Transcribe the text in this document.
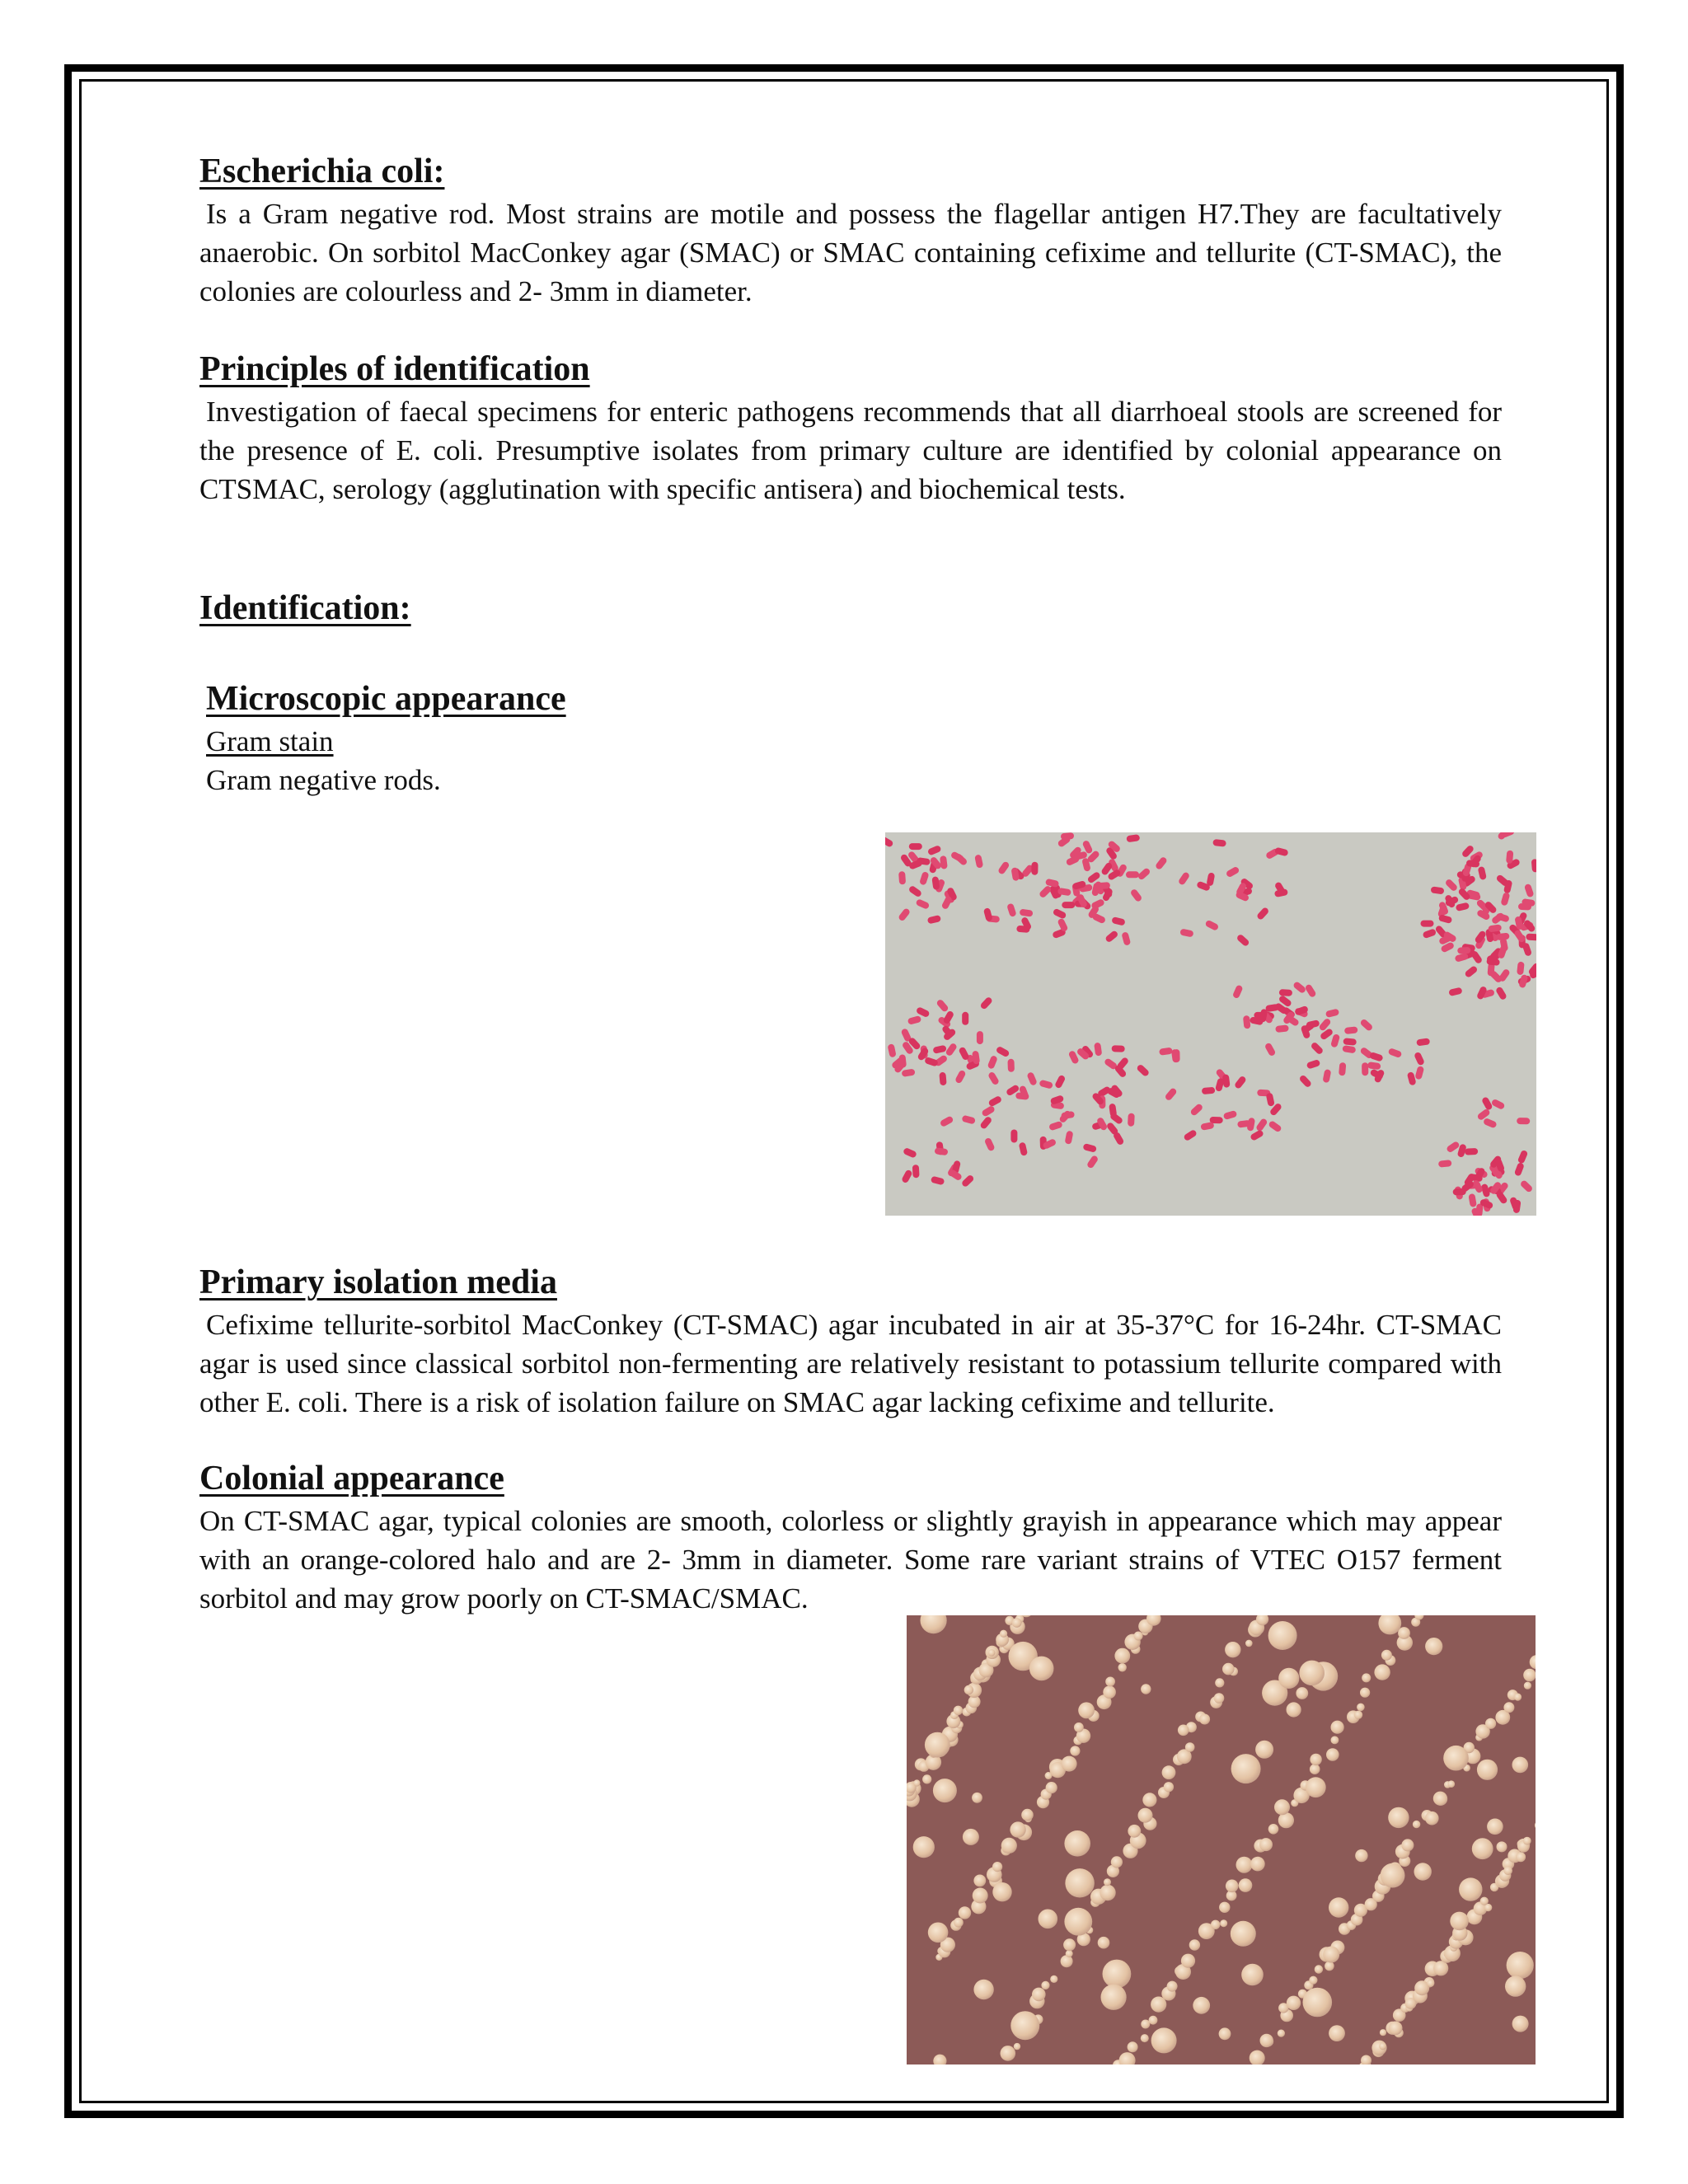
Escherichia coli:

Is a Gram negative rod. Most strains are motile and possess the flagellar antigen H7.They are facultatively anaerobic. On sorbitol MacConkey agar (SMAC) or SMAC containing cefixime and tellurite (CT-SMAC), the colonies are colourless and 2- 3mm in diameter.

Principles of identification

Investigation of faecal specimens for enteric pathogens recommends that all diarrhoeal stools are screened for the presence of E. coli. Presumptive isolates from primary culture are identified by colonial appearance on CTSMAC, serology (agglutination with specific antisera) and biochemical tests.

Identification:
Microscopic appearance

Gram stain

Gram negative rods.

Primary isolation media

Cefixime tellurite-sorbitol MacConkey (CT-SMAC) agar incubated in air at 35-37°C for 16-24hr. CT-SMAC agar is used since classical sorbitol non-fermenting are relatively resistant to potassium tellurite compared with other E. coli. There is a risk of isolation failure on SMAC agar lacking cefixime and tellurite.

Colonial appearance

On CT-SMAC agar, typical colonies are smooth, colorless or slightly grayish in appearance which may appear with an orange-colored halo and are 2- 3mm in diameter. Some rare variant strains of VTEC O157 ferment sorbitol and may grow poorly on CT-SMAC/SMAC.
